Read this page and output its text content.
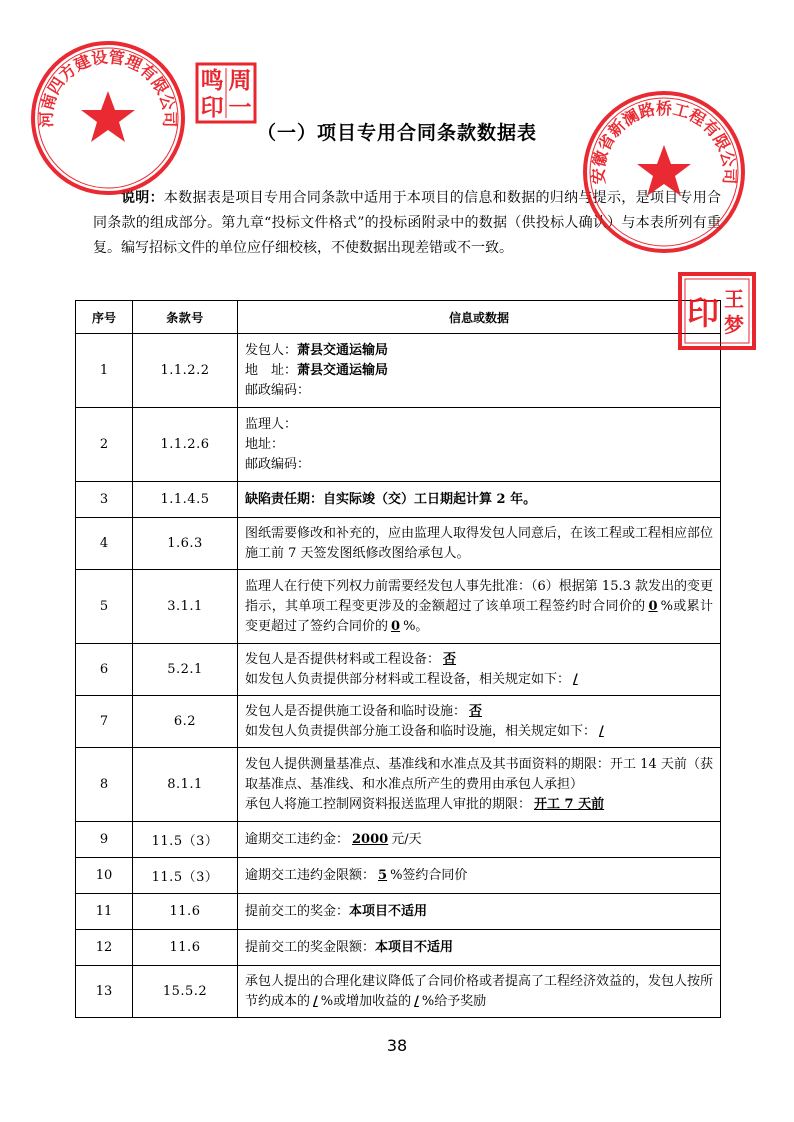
（一）项目专用合同条款数据表
说明：本数据表是项目专用合同条款中适用于本项目的信息和数据的归纳与提示，是项目专用合同条款的组成部分。第九章“投标文件格式”的投标函附录中的数据（供投标人确认）与本表所列有重复。编写招标文件的单位应仔细校核，不使数据出现差错或不一致。
序号	条款号	信息或数据
1	1.1.2.2	发包人：萧县交通运输局
地　址：萧县交通运输局
邮政编码：

2	1.1.2.6	监理人：
地址：
邮政编码：

3	1.1.4.5	缺陷责任期：自实际竣（交）工日期起计算 2 年。
4	1.6.3	图纸需要修改和补充的，应由监理人取得发包人同意后，在该工程或工程相应部位施工前 7 天签发图纸修改图给承包人。
5	3.1.1	监理人在行使下列权力前需要经发包人事先批准：（6）根据第 15.3 款发出的变更指示，其单项工程变更涉及的金额超过了该单项工程签约时合同价的 0 %或累计变更超过了签约合同价的 0 %。
6	5.2.1	发包人是否提供材料或工程设备： 否
如发包人负责提供部分材料或工程设备，相关规定如下： /

7	6.2	发包人是否提供施工设备和临时设施： 否
如发包人负责提供部分施工设备和临时设施，相关规定如下： /

8	8.1.1	发包人提供测量基准点、基准线和水准点及其书面资料的期限：开工 14 天前（获取基准点、基准线、和水准点所产生的费用由承包人承担）
承包人将施工控制网资料报送监理人审批的期限： 开工 7 天前

9	11.5（3）	逾期交工违约金： 2000 元/天
10	11.5（3）	逾期交工违约金限额： 5 %签约合同价
11	11.6	提前交工的奖金：本项目不适用
12	11.6	提前交工的奖金限额：本项目不适用
13	15.5.2	承包人提出的合理化建议降低了合同价格或者提高了工程经济效益的，发包人按所节约成本的 / %或增加收益的 / %给予奖励
38
河南四方建设管理有限公司
周
一
鸣
印
安徽省新澜路桥工程有限公司
印 王
梦
